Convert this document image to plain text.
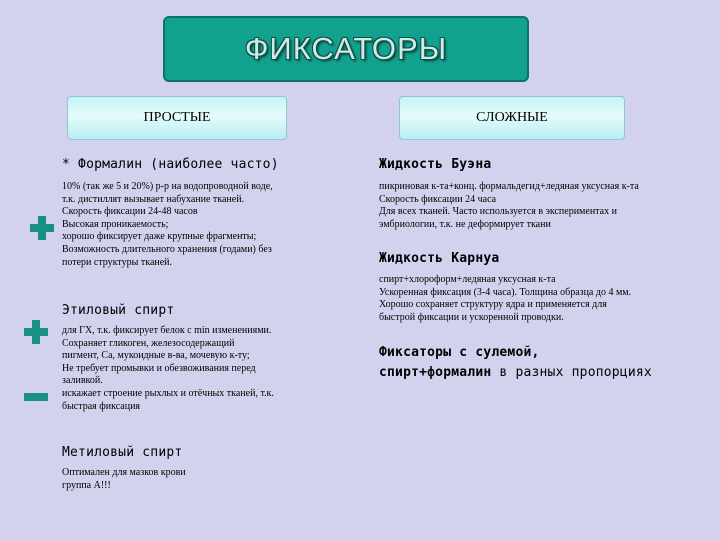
ФИКСАТОРЫ
ПРОСТЫЕ	СЛОЖНЫЕ
* Формалин (наиболее часто)
10% (так же 5 и 20%) р-р на водопроводной воде,
т.к. дистиллят вызывает набухание тканей.
Скорость фиксации 24-48 часов
Высокая проникаемость;
хорошо фиксирует даже крупные фрагменты;
Возможность длительного хранения (годами) без
потери структуры тканей.
Этиловый спирт
для ГХ, т.к. фиксирует белок с min изменениями.
Сохраняет гликоген, железосодержащий
пигмент, Са, мукоидные в-ва, мочевую к-ту;
Не требует промывки и обезвоживания перед
заливкой.
искажает строение рыхлых и отёчных тканей, т.к.
быстрая фиксация
Метиловый спирт
Оптимален для мазков крови
группа А!!!
Жидкость Буэна
пикриновая к-та+конц. формальдегид+ледяная уксусная к-та
Скорость фиксации 24 часа
Для всех тканей. Часто используется в экспериментах и
эмбриологии, т.к. не деформирует ткани
Жидкость Карнуа
спирт+хлороформ+ледяная уксусная к-та
Ускоренная фиксация (3-4 часа). Толщина образца до 4 мм.
Хорошо сохраняет структуру ядра и применяется для
быстрой фиксации и ускоренной проводки.
Фиксаторы с сулемой,
спирт+формалин в разных пропорциях
